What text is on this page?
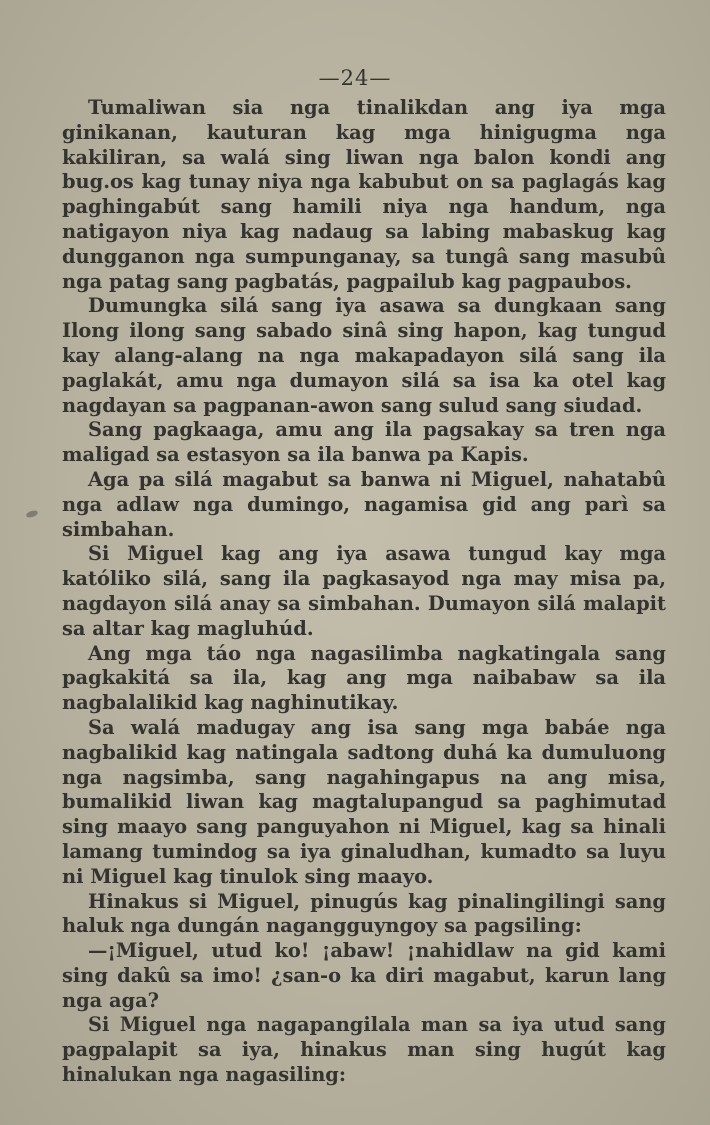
—24—

Tumaliwan sia nga tinalikdan ang iya mga ginikanan, kauturan kag mga hinigugma nga kakiliran, sa walá sing liwan nga balon kondi ang bug.os kag tunay niya nga kabubut on sa paglagás kag paghingabút sang hamili niya nga handum, nga natigayon niya kag nadaug sa labing mabaskug kag dungganon nga sumpunganay, sa tungâ sang masubû nga patag sang pagbatás, pagpailub kag pagpaubos.

Dumungka silá sang iya asawa sa dungkaan sang Ilong ilong sang sabado sinâ sing hapon, kag tungud kay alang-alang na nga makapadayon silá sang ila paglakát, amu nga dumayon silá sa isa ka otel kag nagdayan sa pagpanan-awon sang sulud sang siudad.

Sang pagkaaga, amu ang ila pagsakay sa tren nga maligad sa estasyon sa ila banwa pa Kapis.

Aga pa silá magabut sa banwa ni Miguel, nahatabû nga adlaw nga dumingo, nagamisa gid ang parì sa simbahan.

Si Miguel kag ang iya asawa tungud kay mga katóliko silá, sang ila pagkasayod nga may misa pa, nagdayon silá anay sa simbahan. Dumayon silá malapit sa altar kag magluhúd.

Ang mga táo nga nagasilimba nagkatingala sang pagkakitá sa ila, kag ang mga naibabaw sa ila nagbalalikid kag naghinutikay.

Sa walá madugay ang isa sang mga babáe nga nagbalikid kag natingala sadtong duhá ka dumuluong nga nagsimba, sang nagahingapus na ang misa, bumalikid liwan kag magtalupangud sa paghimutad sing maayo sang panguyahon ni Miguel, kag sa hinali lamang tumindog sa iya ginaludhan, kumadto sa luyu ni Miguel kag tinulok sing maayo.

Hinakus si Miguel, pinugús kag pinalingilingi sang haluk nga dungán nagangguyngoy sa pagsiling:

—¡Miguel, utud ko! ¡abaw! ¡nahidlaw na gid kami sing dakû sa imo! ¿san-o ka diri magabut, karun lang nga aga?

Si Miguel nga nagapangilala man sa iya utud sang pagpalapit sa iya, hinakus man sing hugút kag hinalukan nga nagasiling:
